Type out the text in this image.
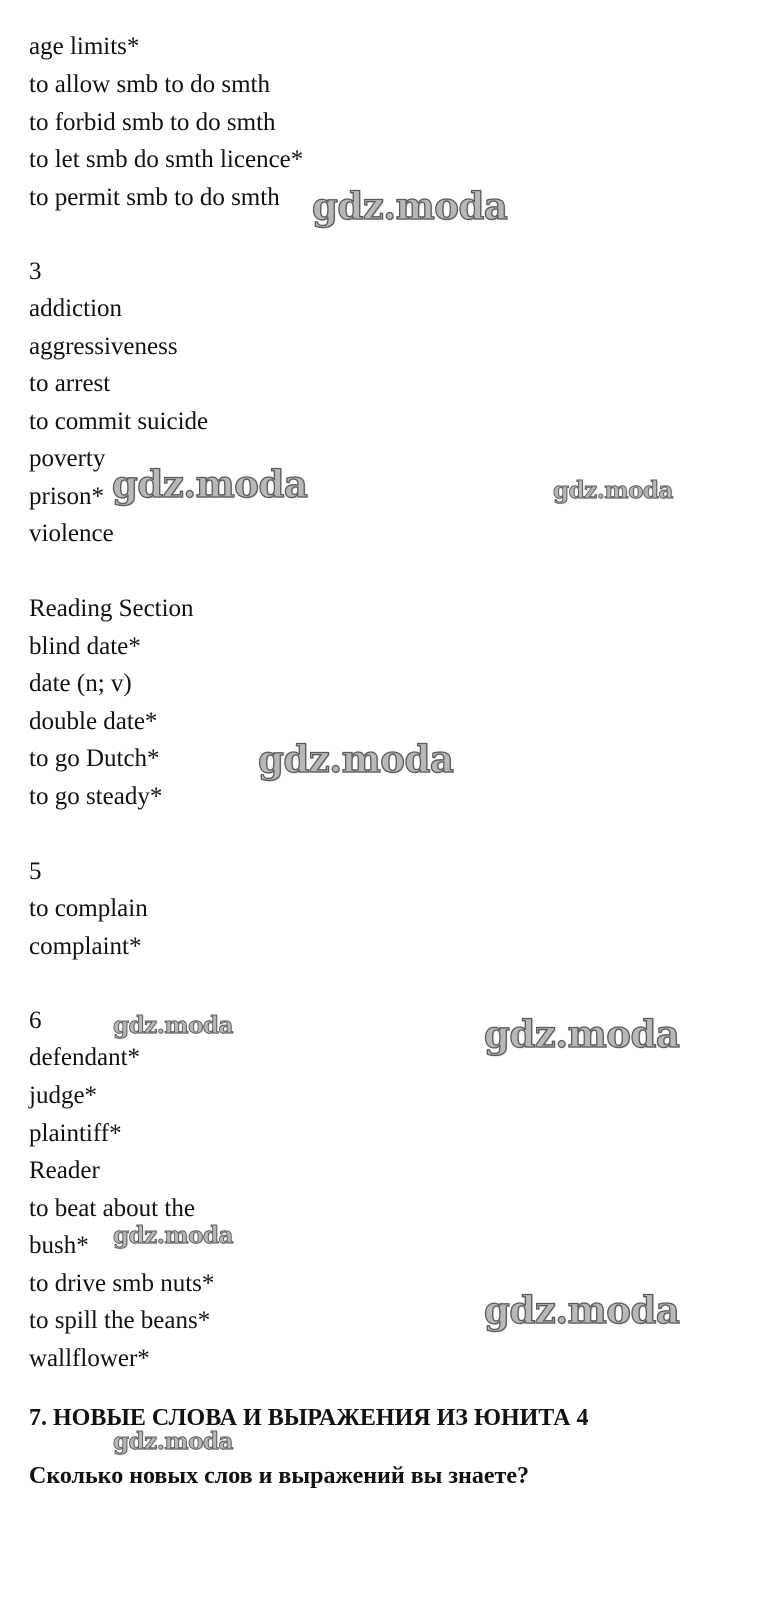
age limits*
to allow smb to do smth
to forbid smb to do smth
to let smb do smth licence*
to permit smb to do smth
3
addiction
aggressiveness
to arrest
to commit suicide
poverty
prison*
violence
Reading Section
blind date*
date (n; v)
double date*
to go Dutch*
to go steady*
5
to complain
complaint*
6
defendant*
judge*
plaintiff*
Reader
to beat about the
bush*
to drive smb nuts*
to spill the beans*
wallflower*
7. НОВЫЕ СЛОВА И ВЫРАЖЕНИЯ ИЗ ЮНИТА 4
Сколько новых слов и выражений вы знаете?
gdz.moda
gdz.moda	gdz.moda
gdz.moda
gdz.moda	gdz.moda
gdz.moda
gdz.moda
gdz.moda
